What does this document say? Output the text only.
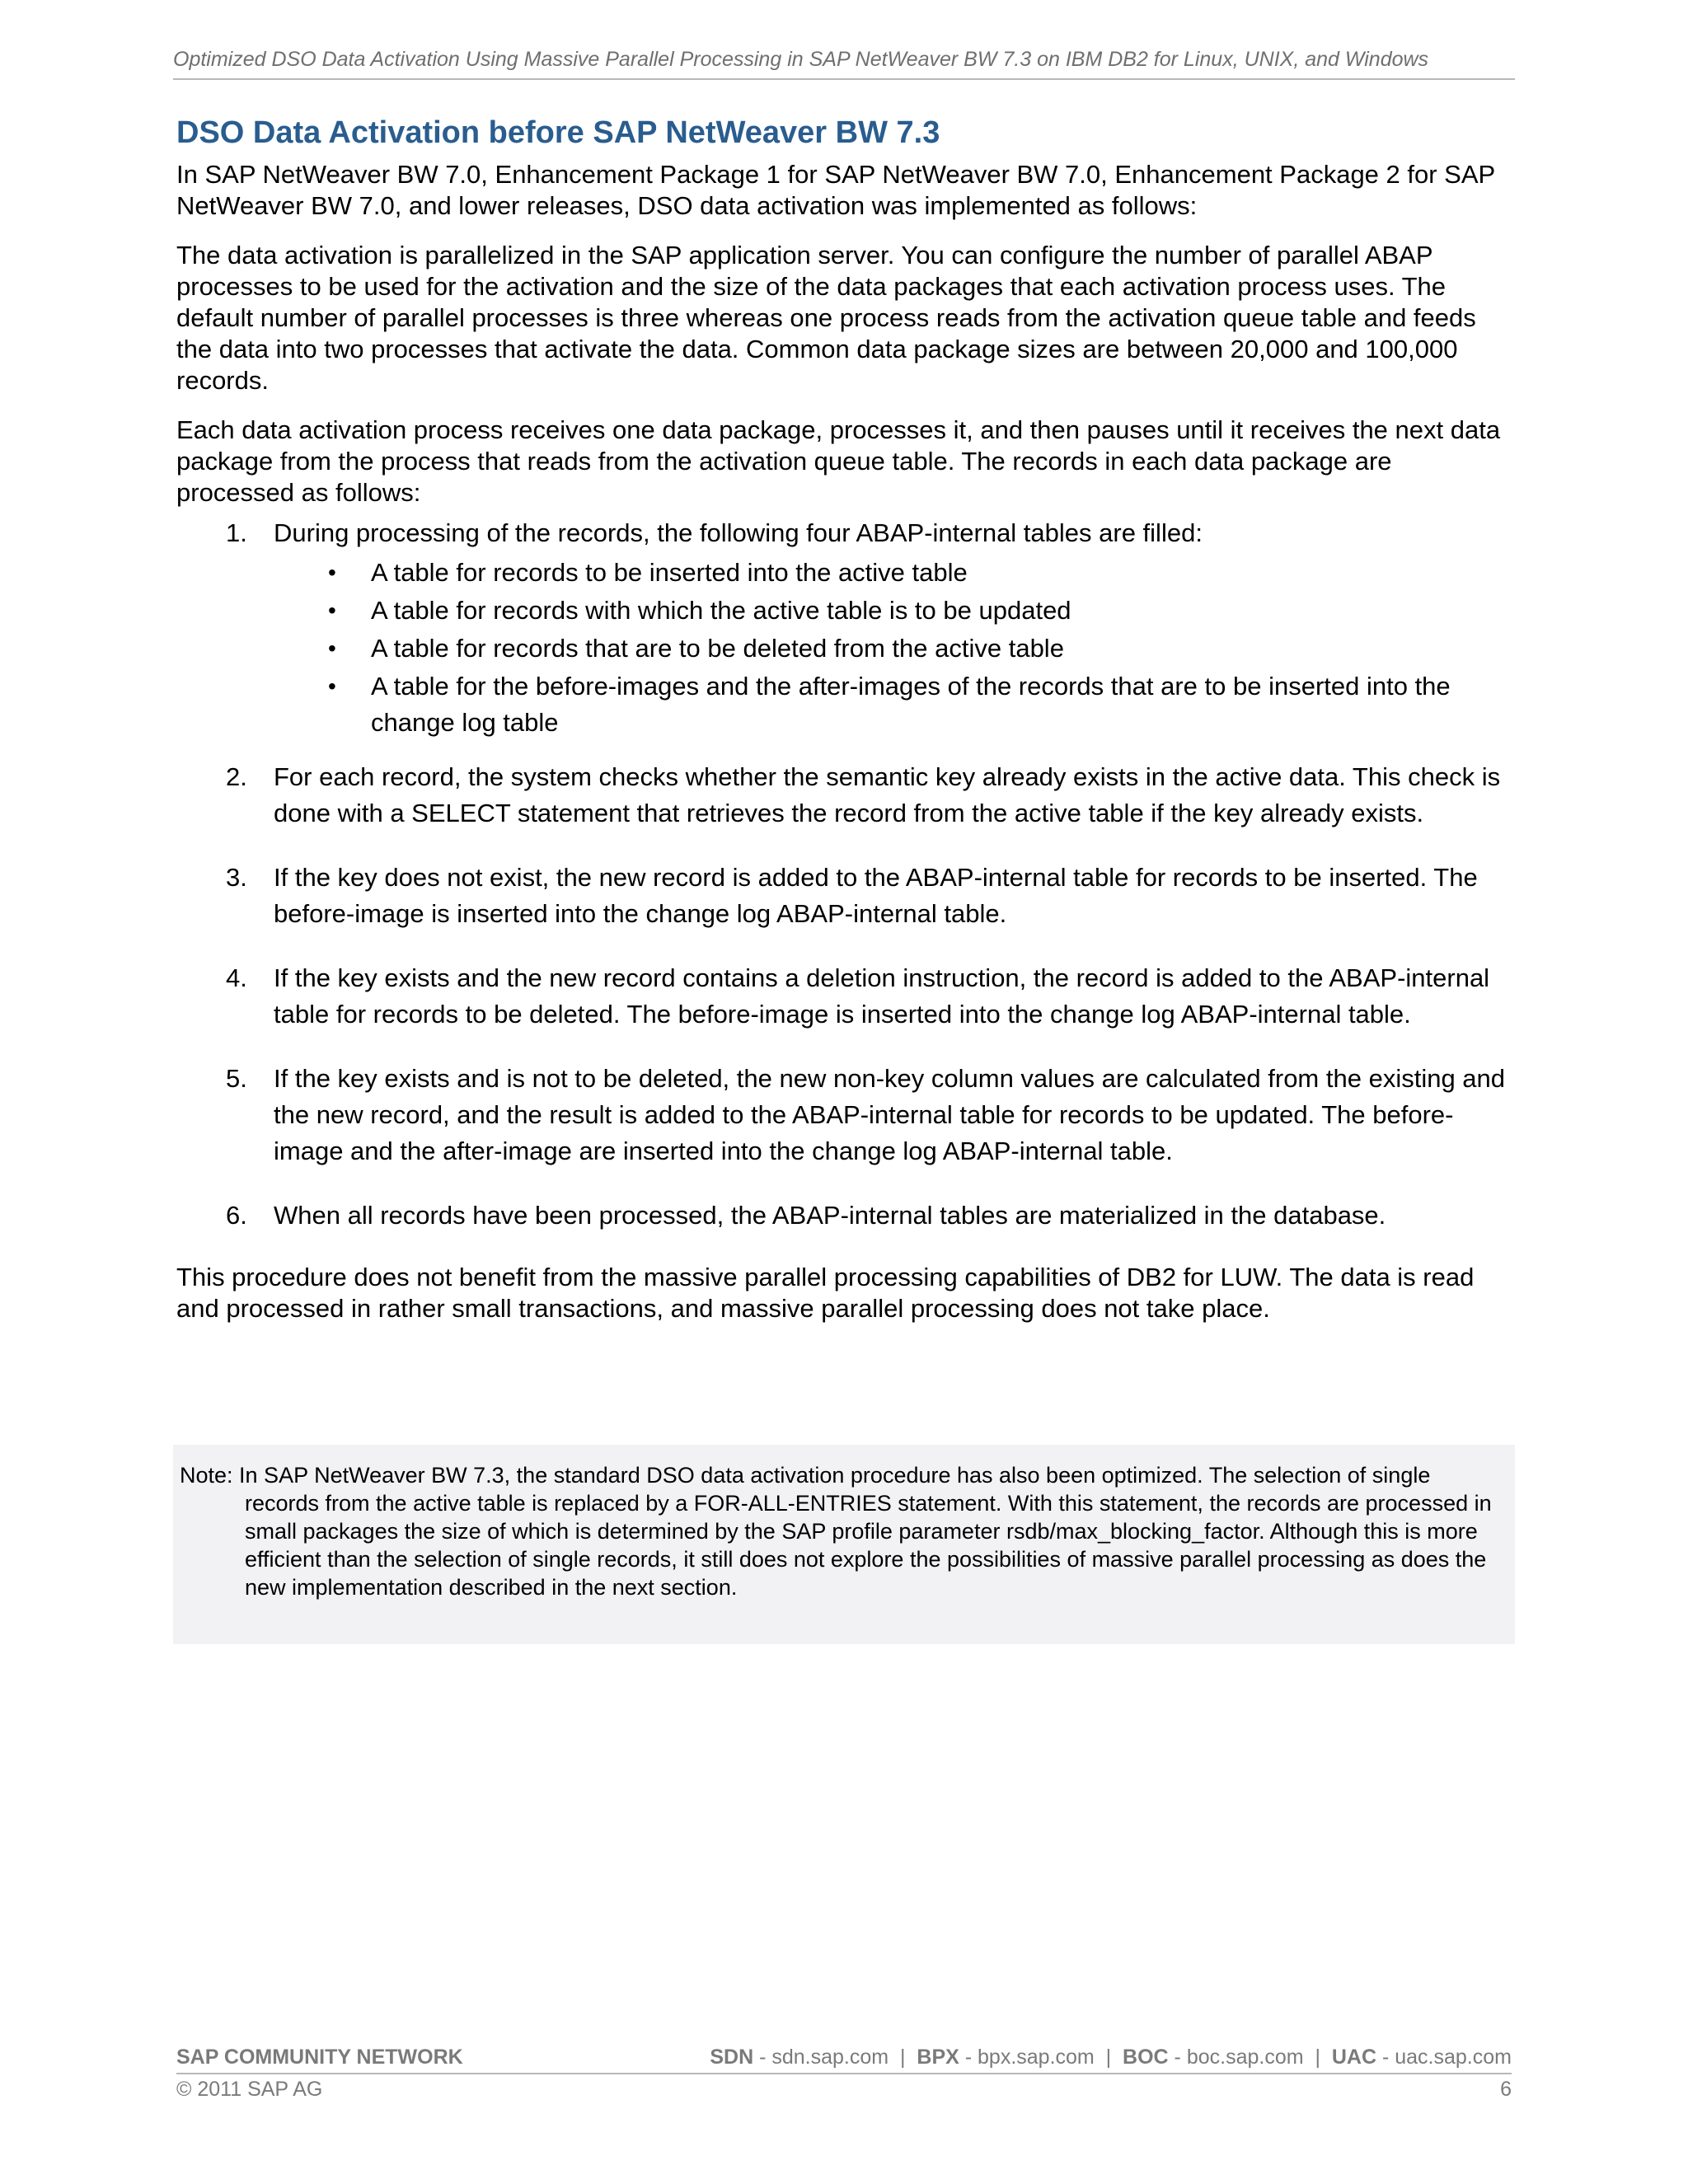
Optimized DSO Data Activation Using Massive Parallel Processing in SAP NetWeaver BW 7.3 on IBM DB2 for Linux, UNIX, and Windows
DSO Data Activation before SAP NetWeaver BW 7.3

In SAP NetWeaver BW 7.0, Enhancement Package 1 for SAP NetWeaver BW 7.0, Enhancement Package 2 for SAP NetWeaver BW 7.0, and lower releases, DSO data activation was implemented as follows:

The data activation is parallelized in the SAP application server. You can configure the number of parallel ABAP processes to be used for the activation and the size of the data packages that each activation process uses. The default number of parallel processes is three whereas one process reads from the activation queue table and feeds the data into two processes that activate the data. Common data package sizes are between 20,000 and 100,000 records.

Each data activation process receives one data package, processes it, and then pauses until it receives the next data package from the process that reads from the activation queue table. The records in each data package are processed as follows:

1. During processing of the records, the following four ABAP-internal tables are filled:
• A table for records to be inserted into the active table
• A table for records with which the active table is to be updated
• A table for records that are to be deleted from the active table
• A table for the before-images and the after-images of the records that are to be inserted into the change log table
2. For each record, the system checks whether the semantic key already exists in the active data. This check is done with a SELECT statement that retrieves the record from the active table if the key already exists.
3. If the key does not exist, the new record is added to the ABAP-internal table for records to be inserted. The before-image is inserted into the change log ABAP-internal table.
4. If the key exists and the new record contains a deletion instruction, the record is added to the ABAP-internal table for records to be deleted. The before-image is inserted into the change log ABAP-internal table.
5. If the key exists and is not to be deleted, the new non-key column values are calculated from the existing and the new record, and the result is added to the ABAP-internal table for records to be updated. The before-image and the after-image are inserted into the change log ABAP-internal table.
6. When all records have been processed, the ABAP-internal tables are materialized in the database.

This procedure does not benefit from the massive parallel processing capabilities of DB2 for LUW. The data is read and processed in rather small transactions, and massive parallel processing does not take place.

Note: In SAP NetWeaver BW 7.3, the standard DSO data activation procedure has also been optimized. The selection of single records from the active table is replaced by a FOR-ALL-ENTRIES statement. With this statement, the records are processed in small packages the size of which is determined by the SAP profile parameter rsdb/max_blocking_factor. Although this is more efficient than the selection of single records, it still does not explore the possibilities of massive parallel processing as does the new implementation described in the next section.
SAP COMMUNITY NETWORK	SDN - sdn.sap.com  |  BPX - bpx.sap.com  |  BOC - boc.sap.com  |  UAC - uac.sap.com
© 2011 SAP AG	6
